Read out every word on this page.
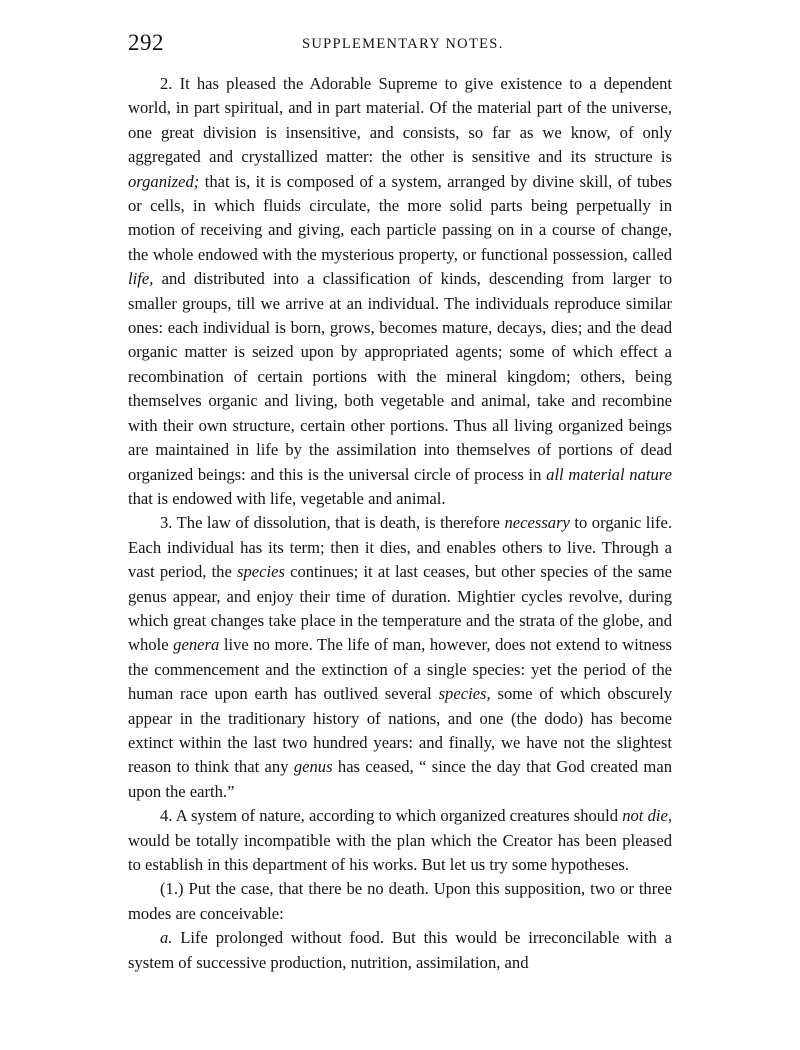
292	SUPPLEMENTARY NOTES.

2. It has pleased the Adorable Supreme to give existence to a dependent world, in part spiritual, and in part material. Of the material part of the universe, one great division is insensitive, and consists, so far as we know, of only aggregated and crystallized matter: the other is sensitive and its structure is organized; that is, it is composed of a system, arranged by divine skill, of tubes or cells, in which fluids circulate, the more solid parts being perpetually in motion of receiving and giving, each particle passing on in a course of change, the whole endowed with the mysterious property, or functional possession, called life, and distributed into a classification of kinds, descending from larger to smaller groups, till we arrive at an individual. The individuals reproduce similar ones: each individual is born, grows, becomes mature, decays, dies; and the dead organic matter is seized upon by appropriated agents; some of which effect a recombination of certain portions with the mineral kingdom; others, being themselves organic and living, both vegetable and animal, take and recombine with their own structure, certain other portions. Thus all living organized beings are maintained in life by the assimilation into themselves of portions of dead organized beings: and this is the universal circle of process in all material nature that is endowed with life, vegetable and animal.

3. The law of dissolution, that is death, is therefore necessary to organic life. Each individual has its term; then it dies, and enables others to live. Through a vast period, the species continues; it at last ceases, but other species of the same genus appear, and enjoy their time of duration. Mightier cycles revolve, during which great changes take place in the temperature and the strata of the globe, and whole genera live no more. The life of man, however, does not extend to witness the commencement and the extinction of a single species: yet the period of the human race upon earth has outlived several species, some of which obscurely appear in the traditionary history of nations, and one (the dodo) has become extinct within the last two hundred years: and finally, we have not the slightest reason to think that any genus has ceased, “ since the day that God created man upon the earth.”

4. A system of nature, according to which organized creatures should not die, would be totally incompatible with the plan which the Creator has been pleased to establish in this department of his works. But let us try some hypotheses.

(1.) Put the case, that there be no death. Upon this supposition, two or three modes are conceivable:

a. Life prolonged without food. But this would be irreconcilable with a system of successive production, nutrition, assimilation, and
